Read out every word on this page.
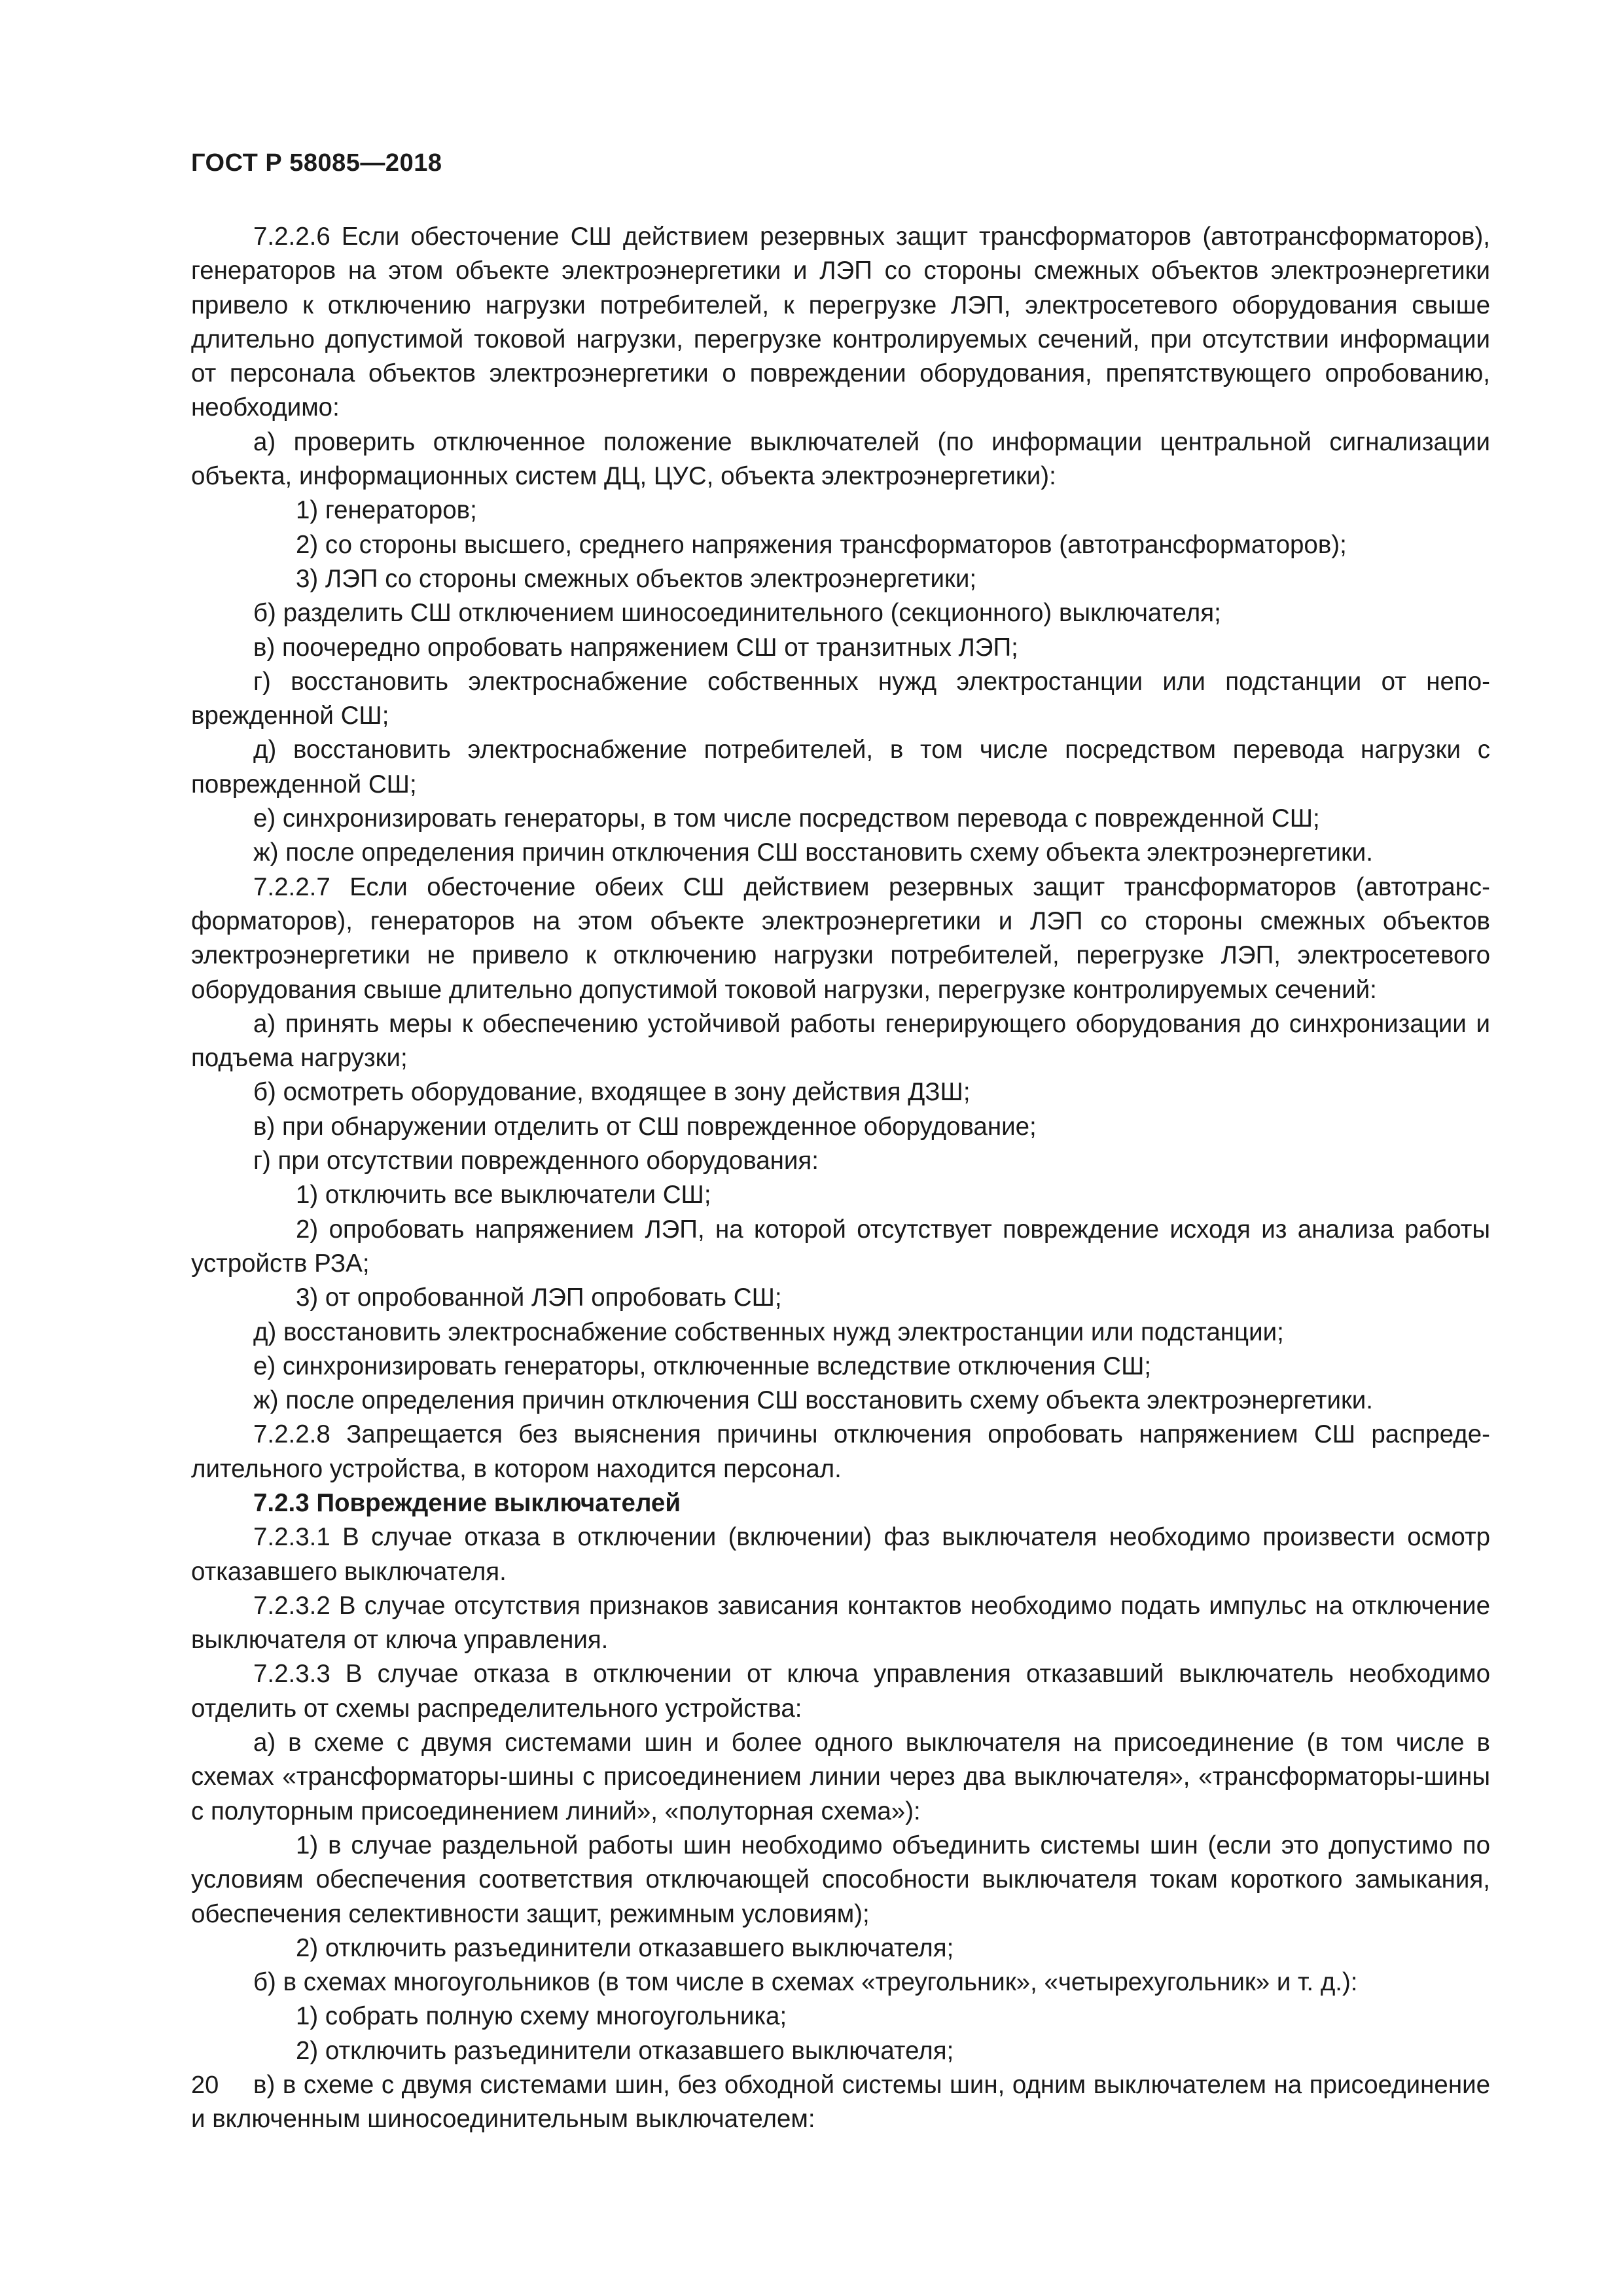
ГОСТ Р 58085—2018

7.2.2.6 Если обесточение СШ действием резервных защит трансформаторов (автотрансформаторов), генераторов на этом объекте электроэнергетики и ЛЭП со стороны смежных объектов электроэнергетики привело к отключению нагрузки потребителей, к перегрузке ЛЭП, электросетевого оборудования свыше длительно допустимой токовой нагрузки, перегрузке контролируемых сечений, при отсутствии информации от персонала объектов электроэнергетики о повреждении оборудования, препятствующего опробованию, необходимо:

а) проверить отключенное положение выключателей (по информации центральной сигнализации объекта, информационных систем ДЦ, ЦУС, объекта электроэнергетики):

1) генераторов;

2) со стороны высшего, среднего напряжения трансформаторов (автотрансформаторов);

3) ЛЭП со стороны смежных объектов электроэнергетики;

б) разделить СШ отключением шиносоединительного (секционного) выключателя;

в) поочередно опробовать напряжением СШ от транзитных ЛЭП;

г) восстановить электроснабжение собственных нужд электростанции или подстанции от неповрежденной СШ;

д) восстановить электроснабжение потребителей, в том числе посредством перевода нагрузки с поврежденной СШ;

е) синхронизировать генераторы, в том числе посредством перевода с поврежденной СШ;

ж) после определения причин отключения СШ восстановить схему объекта электроэнергетики.

7.2.2.7 Если обесточение обеих СШ действием резервных защит трансформаторов (автотрансформаторов), генераторов на этом объекте электроэнергетики и ЛЭП со стороны смежных объектов электроэнергетики не привело к отключению нагрузки потребителей, перегрузке ЛЭП, электросетевого оборудования свыше длительно допустимой токовой нагрузки, перегрузке контролируемых сечений:

а) принять меры к обеспечению устойчивой работы генерирующего оборудования до синхронизации и подъема нагрузки;

б) осмотреть оборудование, входящее в зону действия ДЗШ;

в) при обнаружении отделить от СШ поврежденное оборудование;

г) при отсутствии поврежденного оборудования:

1) отключить все выключатели СШ;

2) опробовать напряжением ЛЭП, на которой отсутствует повреждение исходя из анализа работы устройств РЗА;

3) от опробованной ЛЭП опробовать СШ;

д) восстановить электроснабжение собственных нужд электростанции или подстанции;

е) синхронизировать генераторы, отключенные вследствие отключения СШ;

ж) после определения причин отключения СШ восстановить схему объекта электроэнергетики.

7.2.2.8 Запрещается без выяснения причины отключения опробовать напряжением СШ распределительного устройства, в котором находится персонал.

7.2.3 Повреждение выключателей

7.2.3.1 В случае отказа в отключении (включении) фаз выключателя необходимо произвести осмотр отказавшего выключателя.

7.2.3.2 В случае отсутствия признаков зависания контактов необходимо подать импульс на отключение выключателя от ключа управления.

7.2.3.3 В случае отказа в отключении от ключа управления отказавший выключатель необходимо отделить от схемы распределительного устройства:

а) в схеме с двумя системами шин и более одного выключателя на присоединение (в том числе в схемах «трансформаторы-шины с присоединением линии через два выключателя», «трансформаторы-шины с полуторным присоединением линий», «полуторная схема»):

1) в случае раздельной работы шин необходимо объединить системы шин (если это допустимо по условиям обеспечения соответствия отключающей способности выключателя токам короткого замыкания, обеспечения селективности защит, режимным условиям);

2) отключить разъединители отказавшего выключателя;

б) в схемах многоугольников (в том числе в схемах «треугольник», «четырехугольник» и т. д.):

1) собрать полную схему многоугольника;

2) отключить разъединители отказавшего выключателя;

в) в схеме с двумя системами шин, без обходной системы шин, одним выключателем на присоединение и включенным шиносоединительным выключателем:

20
